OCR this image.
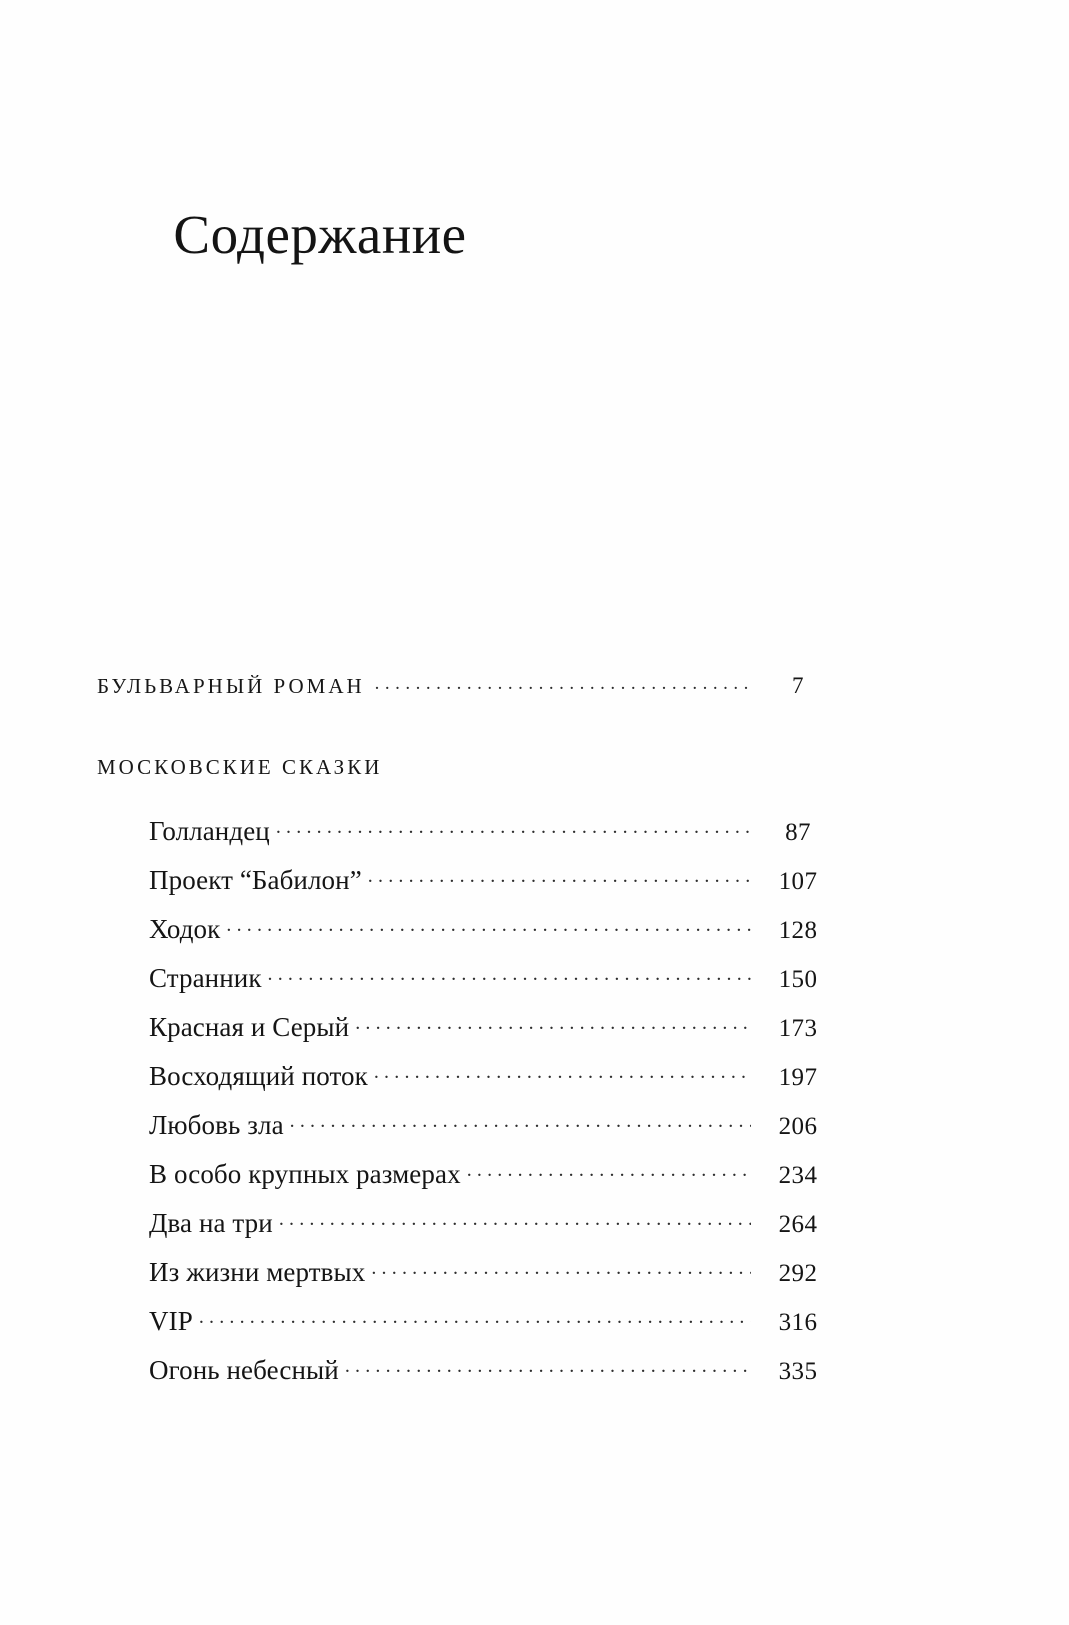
Содержание
БУЛЬВАРНЫЙ РОМАН .....	7
МОСКОВСКИЕ СКАЗКИ
Голландец .....	87
Проект “Бабилон” .....	107
Ходок .....	128
Странник .....	150
Красная и Серый .....	173
Восходящий поток .....	197
Любовь зла .....	206
В особо крупных размерах .....	234
Два на три .....	264
Из жизни мертвых .....	292
VIP .....	316
Огонь небесный .....	335
